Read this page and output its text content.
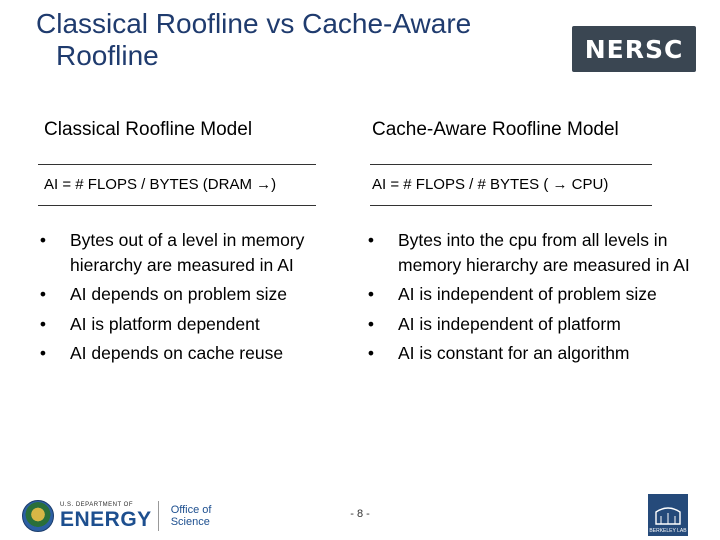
Classical Roofline vs Cache-Aware
Roofline	NERSC
Classical Roofline Model
AI = # FLOPS / BYTES (DRAM →)
•	Bytes out of a level in memory hierarchy are measured in AI
•	AI depends on problem size
•	AI is platform dependent
•	AI depends on cache reuse
Cache-Aware Roofline Model
AI = # FLOPS / # BYTES ( → CPU)
•	Bytes into the cpu from all levels in memory hierarchy are measured in AI
•	AI is independent of problem size
•	AI is independent of platform
•	AI is constant for an algorithm
U.S. DEPARTMENT OF
ENERGY Office of
Science
- 8 -
BERKELEY LAB
